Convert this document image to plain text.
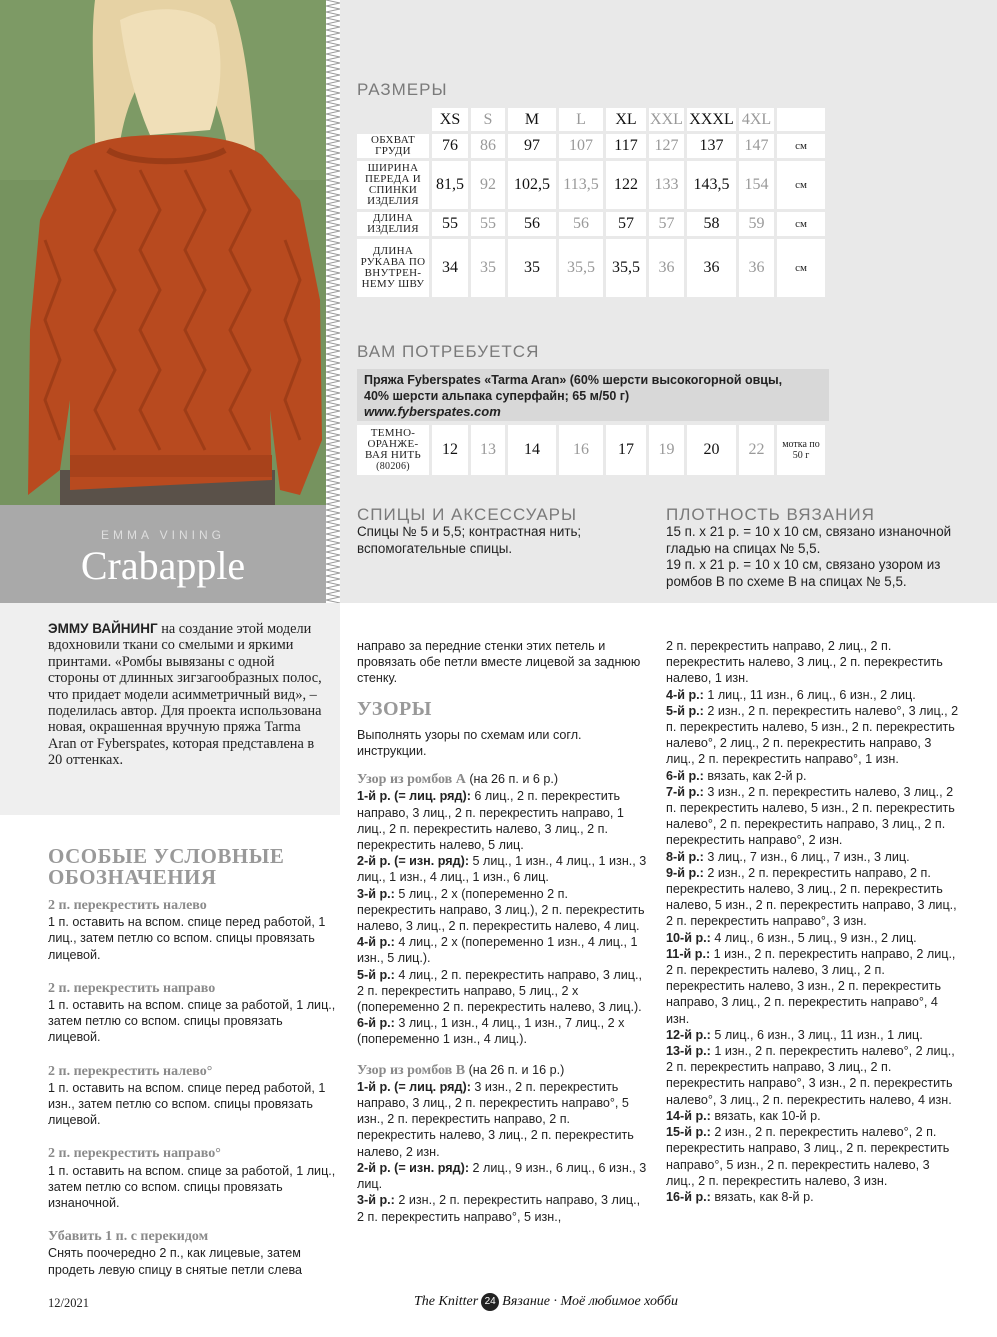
EMMA VINING
Crabapple
ЭММУ ВАЙНИНГ на создание этой модели вдохновили ткани со смелыми и яркими принтами. «Ромбы вывязаны с одной стороны от длинных зигзагообразных полос, что придает модели асимметричный вид», – поделилась автор. Для проекта использована новая, окрашенная вручную пряжа Tarma Aran от Fyberspates, которая представлена в 20 оттенках.
РАЗМЕРЫ
	XS	S	M	L	XL	XXL	XXXL	4XL	
ОБХВАТ ГРУДИ	76	86	97	107	117	127	137	147	см
ШИРИНА ПЕРЕДА И СПИНКИ ИЗДЕЛИЯ	81,5	92	102,5	113,5	122	133	143,5	154	см
ДЛИНА ИЗДЕЛИЯ	55	55	56	56	57	57	58	59	см
ДЛИНА РУКАВА ПО ВНУТРЕН-НЕМУ ШВУ	34	35	35	35,5	35,5	36	36	36	см
ВАМ ПОТРЕБУЕТСЯ
Пряжа Fyberspates «Tarma Aran» (60% шерсти высокогорной овцы,
40% шерсти альпака суперфайн; 65 м/50 г)
www.fyberspates.com
ТЕМНО-ОРАНЖЕ-ВАЯ НИТЬ
(80206)	12	13	14	16	17	19	20	22	мотка по 50 г
СПИЦЫ И АКСЕССУАРЫ
Спицы № 5 и 5,5; контрастная нить; вспомогательные спицы.
ПЛОТНОСТЬ ВЯЗАНИЯ
15 п. х 21 р. = 10 х 10 см, связано изнаночной гладью на спицах № 5,5.
19 п. х 21 р. = 10 х 10 см, связано узором из ромбов В по схеме В на спицах № 5,5.
ОСОБЫЕ УСЛОВНЫЕ
ОБОЗНАЧЕНИЯ
2 п. перекрестить налево
1 п. оставить на вспом. спице перед работой, 1 лиц., затем петлю со вспом. спицы провязать лицевой.
2 п. перекрестить направо
1 п. оставить на вспом. спице за работой, 1 лиц., затем петлю со вспом. спицы провязать лицевой.
2 п. перекрестить налево°
1 п. оставить на вспом. спице перед работой, 1 изн., затем петлю со вспом. спицы провязать лицевой.
2 п. перекрестить направо°
1 п. оставить на вспом. спице за работой, 1 лиц., затем петлю со вспом. спицы провязать изнаночной.
Убавить 1 п. с перекидом
Снять поочередно 2 п., как лицевые, затем продеть левую спицу в снятые петли слева
направо за передние стенки этих петель и провязать обе петли вместе лицевой за заднюю стенку.
УЗОРЫ
Выполнять узоры по схемам или согл. инструкции.
Узор из ромбов А (на 26 п. и 6 р.)
1-й р. (= лиц. ряд): 6 лиц., 2 п. перекрестить направо, 3 лиц., 2 п. перекрестить направо, 1 лиц., 2 п. перекрестить налево, 3 лиц., 2 п. перекрестить налево, 5 лиц.
2-й р. (= изн. ряд): 5 лиц., 1 изн., 4 лиц., 1 изн., 3 лиц., 1 изн., 4 лиц., 1 изн., 6 лиц.
3-й р.: 5 лиц., 2 х (попеременно 2 п. перекрестить направо, 3 лиц.), 2 п. перекрестить налево, 3 лиц., 2 п. перекрестить налево, 4 лиц.
4-й р.: 4 лиц., 2 х (попеременно 1 изн., 4 лиц., 1 изн., 5 лиц.).
5-й р.: 4 лиц., 2 п. перекрестить направо, 3 лиц., 2 п. перекрестить направо, 5 лиц., 2 х (попеременно 2 п. перекрестить налево, 3 лиц.).
6-й р.: 3 лиц., 1 изн., 4 лиц., 1 изн., 7 лиц., 2 х (попеременно 1 изн., 4 лиц.).
Узор из ромбов В (на 26 п. и 16 р.)
1-й р. (= лиц. ряд): 3 изн., 2 п. перекрестить направо, 3 лиц., 2 п. перекрестить направо°, 5 изн., 2 п. перекрестить направо, 2 п. перекрестить налево, 3 лиц., 2 п. перекрестить налево, 2 изн.
2-й р. (= изн. ряд): 2 лиц., 9 изн., 6 лиц., 6 изн., 3 лиц.
3-й р.: 2 изн., 2 п. перекрестить направо, 3 лиц., 2 п. перекрестить направо°, 5 изн.,
2 п. перекрестить направо, 2 лиц., 2 п. перекрестить налево, 3 лиц., 2 п. перекрестить налево, 1 изн.
4-й р.: 1 лиц., 11 изн., 6 лиц., 6 изн., 2 лиц.
5-й р.: 2 изн., 2 п. перекрестить налево°, 3 лиц., 2 п. перекрестить налево, 5 изн., 2 п. перекрестить налево°, 2 лиц., 2 п. перекрестить направо, 3 лиц., 2 п. перекрестить направо°, 1 изн.
6-й р.: вязать, как 2-й р.
7-й р.: 3 изн., 2 п. перекрестить налево, 3 лиц., 2 п. перекрестить налево, 5 изн., 2 п. перекрестить налево°, 2 п. перекрестить направо, 3 лиц., 2 п. перекрестить направо°, 2 изн.
8-й р.: 3 лиц., 7 изн., 6 лиц., 7 изн., 3 лиц.
9-й р.: 2 изн., 2 п. перекрестить направо, 2 п. перекрестить налево, 3 лиц., 2 п. перекрестить налево, 5 изн., 2 п. перекрестить направо, 3 лиц., 2 п. перекрестить направо°, 3 изн.
10-й р.: 4 лиц., 6 изн., 5 лиц., 9 изн., 2 лиц.
11-й р.: 1 изн., 2 п. перекрестить направо, 2 лиц., 2 п. перекрестить налево, 3 лиц., 2 п. перекрестить налево, 3 изн., 2 п. перекрестить направо, 3 лиц., 2 п. перекрестить направо°, 4 изн.
12-й р.: 5 лиц., 6 изн., 3 лиц., 11 изн., 1 лиц.
13-й р.: 1 изн., 2 п. перекрестить налево°, 2 лиц., 2 п. перекрестить направо, 3 лиц., 2 п. перекрестить направо°, 3 изн., 2 п. перекрестить налево°, 3 лиц., 2 п. перекрестить налево, 4 изн.
14-й р.: вязать, как 10-й р.
15-й р.: 2 изн., 2 п. перекрестить налево°, 2 п. перекрестить направо, 3 лиц., 2 п. перекрестить направо°, 5 изн., 2 п. перекрестить налево, 3 лиц., 2 п. перекрестить налево, 3 изн.
16-й р.: вязать, как 8-й р.
12/2021	The Knitter 24 Вязание · Моё любимое хобби
